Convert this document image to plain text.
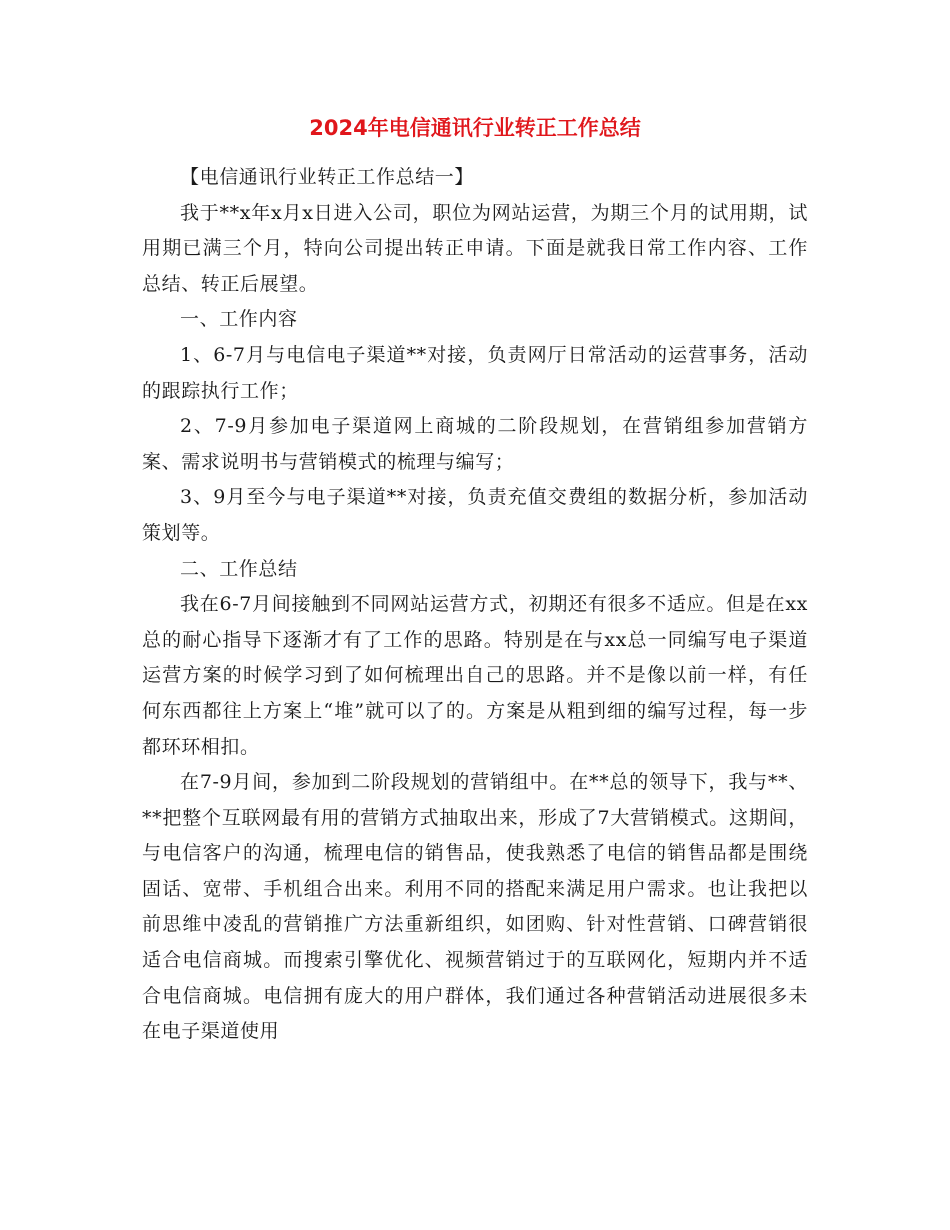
2024年电信通讯行业转正工作总结

【电信通讯行业转正工作总结一】

我于**x年x月x日进入公司，职位为网站运营，为期三个月的试用期，试用期已满三个月，特向公司提出转正申请。下面是就我日常工作内容、工作总结、转正后展望。

一、工作内容

1、6-7月与电信电子渠道**对接，负责网厅日常活动的运营事务，活动的跟踪执行工作；

2、7-9月参加电子渠道网上商城的二阶段规划，在营销组参加营销方案、需求说明书与营销模式的梳理与编写；

3、9月至今与电子渠道**对接，负责充值交费组的数据分析，参加活动策划等。

二、工作总结

我在6-7月间接触到不同网站运营方式，初期还有很多不适应。但是在xx总的耐心指导下逐渐才有了工作的思路。特别是在与xx总一同编写电子渠道运营方案的时候学习到了如何梳理出自己的思路。并不是像以前一样，有任何东西都往上方案上“堆”就可以了的。方案是从粗到细的编写过程，每一步都环环相扣。

在7-9月间，参加到二阶段规划的营销组中。在**总的领导下，我与**、**把整个互联网最有用的营销方式抽取出来，形成了7大营销模式。这期间，与电信客户的沟通，梳理电信的销售品，使我熟悉了电信的销售品都是围绕固话、宽带、手机组合出来。利用不同的搭配来满足用户需求。也让我把以前思维中凌乱的营销推广方法重新组织，如团购、针对性营销、口碑营销很适合电信商城。而搜索引擎优化、视频营销过于的互联网化，短期内并不适合电信商城。电信拥有庞大的用户群体，我们通过各种营销活动进展很多未在电子渠道使用
